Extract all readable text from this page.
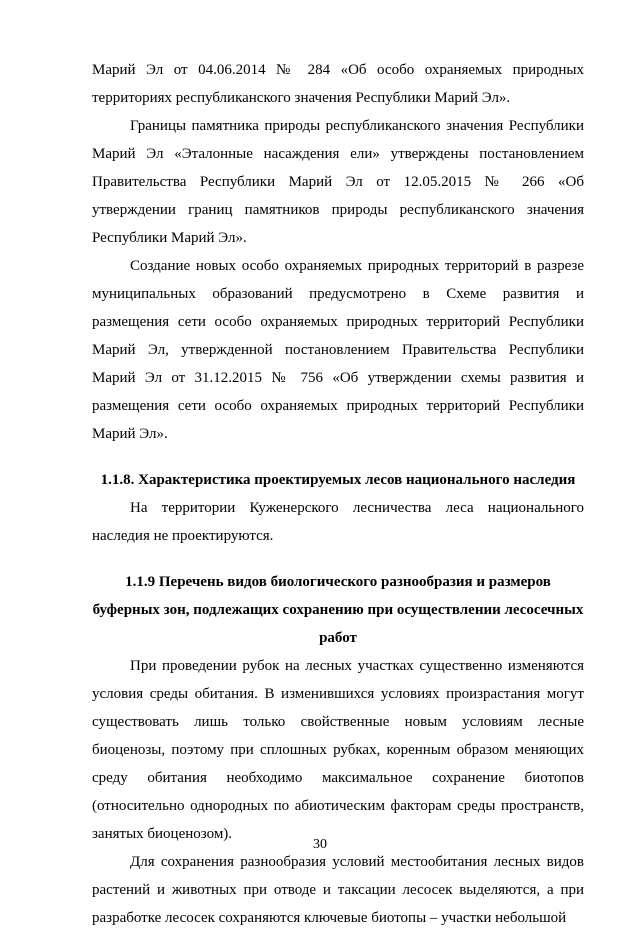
Марий Эл от 04.06.2014 № 284 «Об особо охраняемых природных территориях республиканского значения Республики Марий Эл».

Границы памятника природы республиканского значения Республики Марий Эл «Эталонные насаждения ели» утверждены постановлением Правительства Республики Марий Эл от 12.05.2015 № 266 «Об утверждении границ памятников природы республиканского значения Республики Марий Эл».

Создание новых особо охраняемых природных территорий в разрезе муниципальных образований предусмотрено в Схеме развития и размещения сети особо охраняемых природных территорий Республики Марий Эл, утвержденной постановлением Правительства Республики Марий Эл от 31.12.2015 № 756 «Об утверждении схемы развития и размещения сети особо охраняемых природных территорий Республики Марий Эл».

1.1.8. Характеристика проектируемых лесов национального наследия

На территории Куженерского лесничества леса национального наследия не проектируются.

1.1.9 Перечень видов биологического разнообразия и размеров буферных зон, подлежащих сохранению при осуществлении лесосечных работ

При проведении рубок на лесных участках существенно изменяются условия среды обитания. В изменившихся условиях произрастания могут существовать лишь только свойственные новым условиям лесные биоценозы, поэтому при сплошных рубках, коренным образом меняющих среду обитания необходимо максимальное сохранение биотопов (относительно однородных по абиотическим факторам среды пространств, занятых биоценозом).

Для сохранения разнообразия условий местообитания лесных видов растений и животных при отводе и таксации лесосек выделяются, а при разработке лесосек сохраняются ключевые биотопы – участки небольшой

30
